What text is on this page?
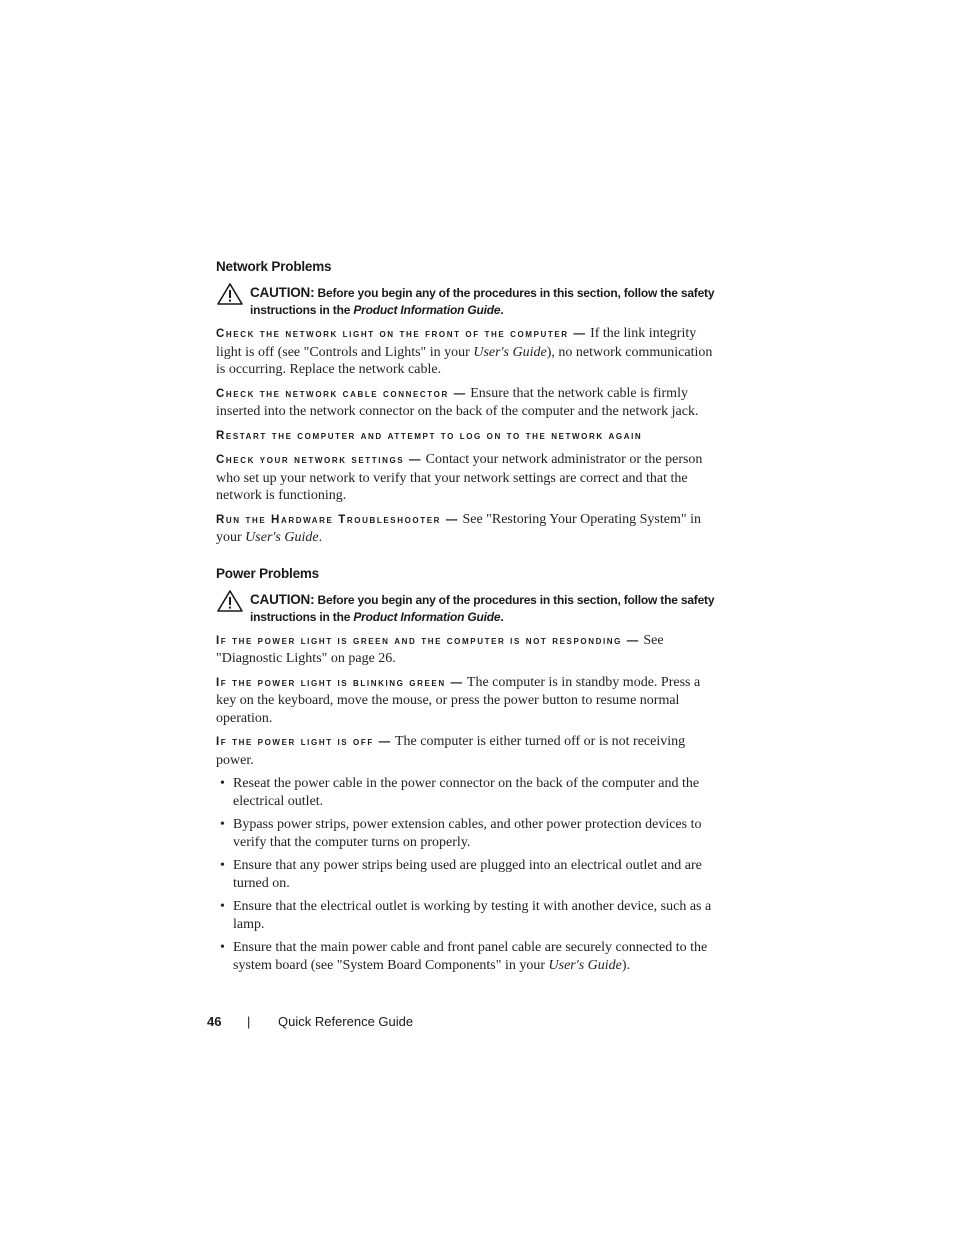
Network Problems
CAUTION: Before you begin any of the procedures in this section, follow the safety instructions in the Product Information Guide.
Check the network light on the front of the computer — If the link integrity light is off (see "Controls and Lights" in your User's Guide), no network communication is occurring. Replace the network cable.
Check the network cable connector — Ensure that the network cable is firmly inserted into the network connector on the back of the computer and the network jack.
Restart the computer and attempt to log on to the network again
Check your network settings — Contact your network administrator or the person who set up your network to verify that your network settings are correct and that the network is functioning.
Run the Hardware Troubleshooter — See "Restoring Your Operating System" in your User's Guide.
Power Problems
CAUTION: Before you begin any of the procedures in this section, follow the safety instructions in the Product Information Guide.
If the power light is green and the computer is not responding — See "Diagnostic Lights" on page 26.
If the power light is blinking green — The computer is in standby mode. Press a key on the keyboard, move the mouse, or press the power button to resume normal operation.
If the power light is off — The computer is either turned off or is not receiving power.
• Reseat the power cable in the power connector on the back of the computer and the electrical outlet.
• Bypass power strips, power extension cables, and other power protection devices to verify that the computer turns on properly.
• Ensure that any power strips being used are plugged into an electrical outlet and are turned on.
• Ensure that the electrical outlet is working by testing it with another device, such as a lamp.
• Ensure that the main power cable and front panel cable are securely connected to the system board (see "System Board Components" in your User's Guide).
46 | Quick Reference Guide
